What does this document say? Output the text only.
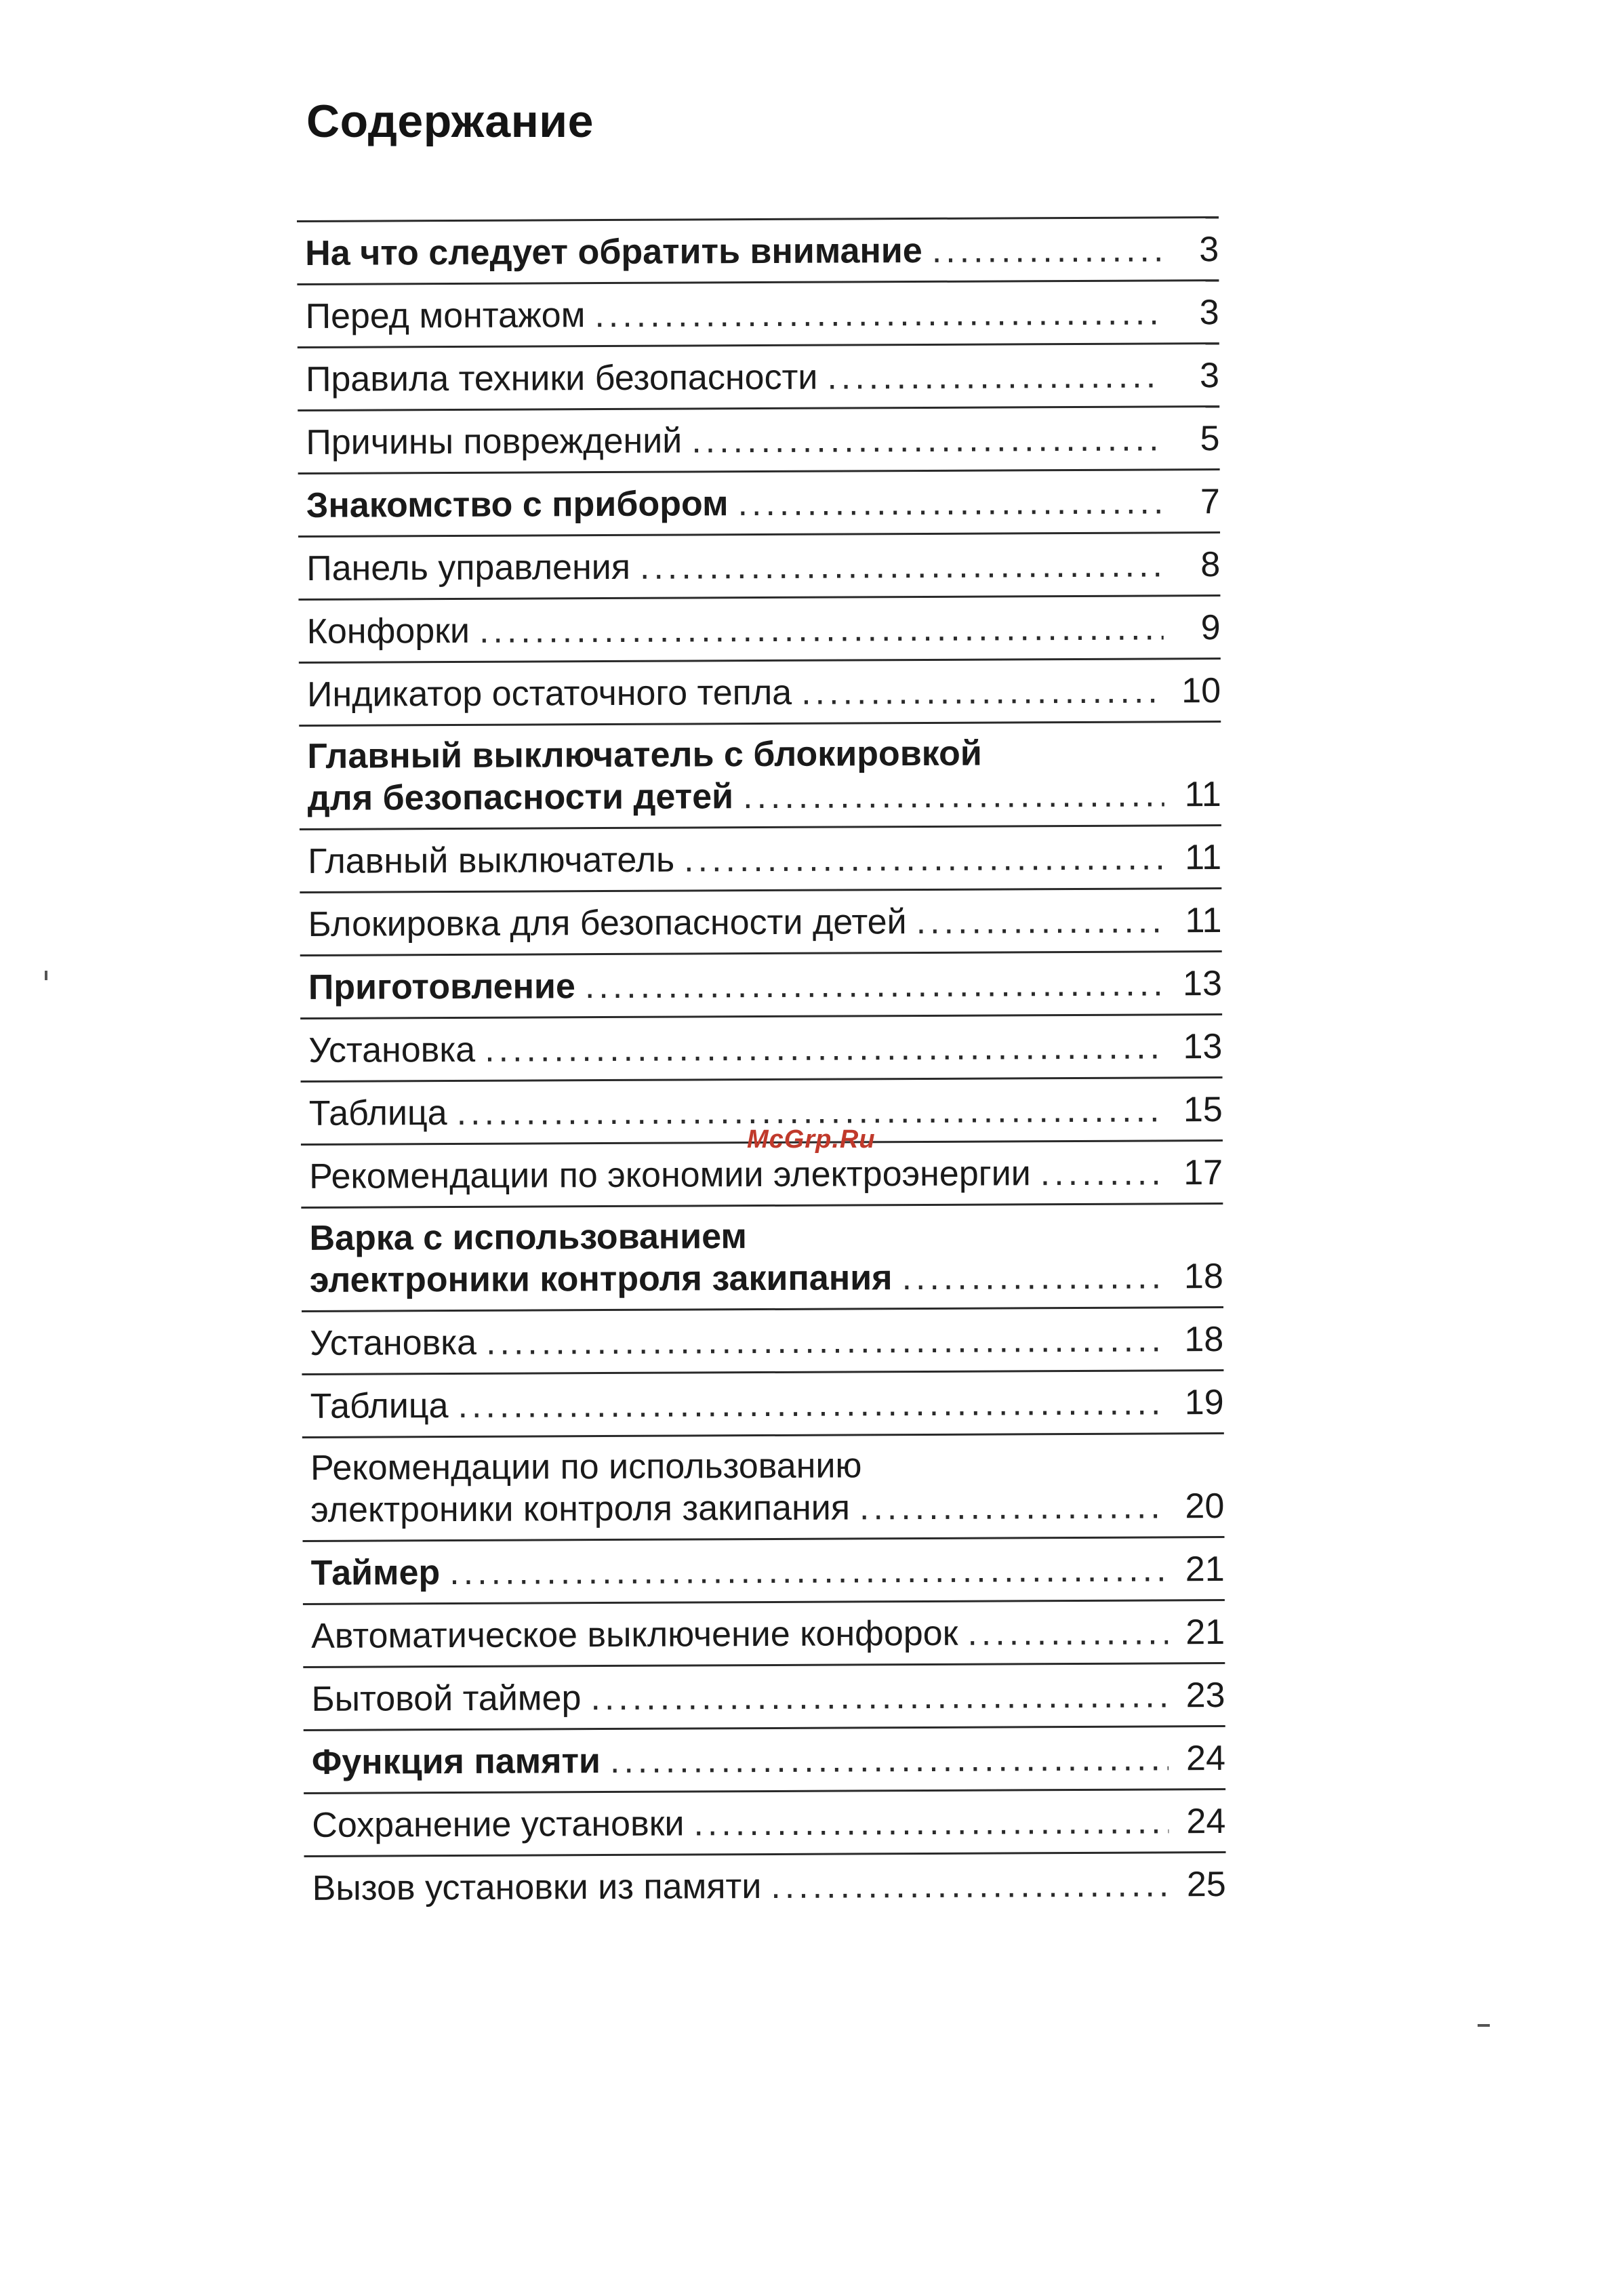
Содержание
На что следует обратить внимание .....	3
Перед монтажом .....	3
Правила техники безопасности .....	3
Причины повреждений .....	5
Знакомство с прибором .....	7
Панель управления .....	8
Конфорки .....	9
Индикатор остаточного тепла .....	10
Главный выключатель с блокировкой
для безопасности детей .....	11
Главный выключатель .....	11
Блокировка для безопасности детей .....	11
Приготовление .....	13
Установка .....	13
Таблица .....	15
Рекомендации по экономии электроэнергии .....	17
Варка с использованием
электроники контроля закипания .....	18
Установка .....	18
Таблица .....	19
Рекомендации по использованию
электроники контроля закипания .....	20
Таймер .....	21
Автоматическое выключение конфорок .....	21
Бытовой таймер .....	23
Функция памяти .....	24
Сохранение установки .....	24
Вызов установки из памяти .....	25
McGrp.Ru
